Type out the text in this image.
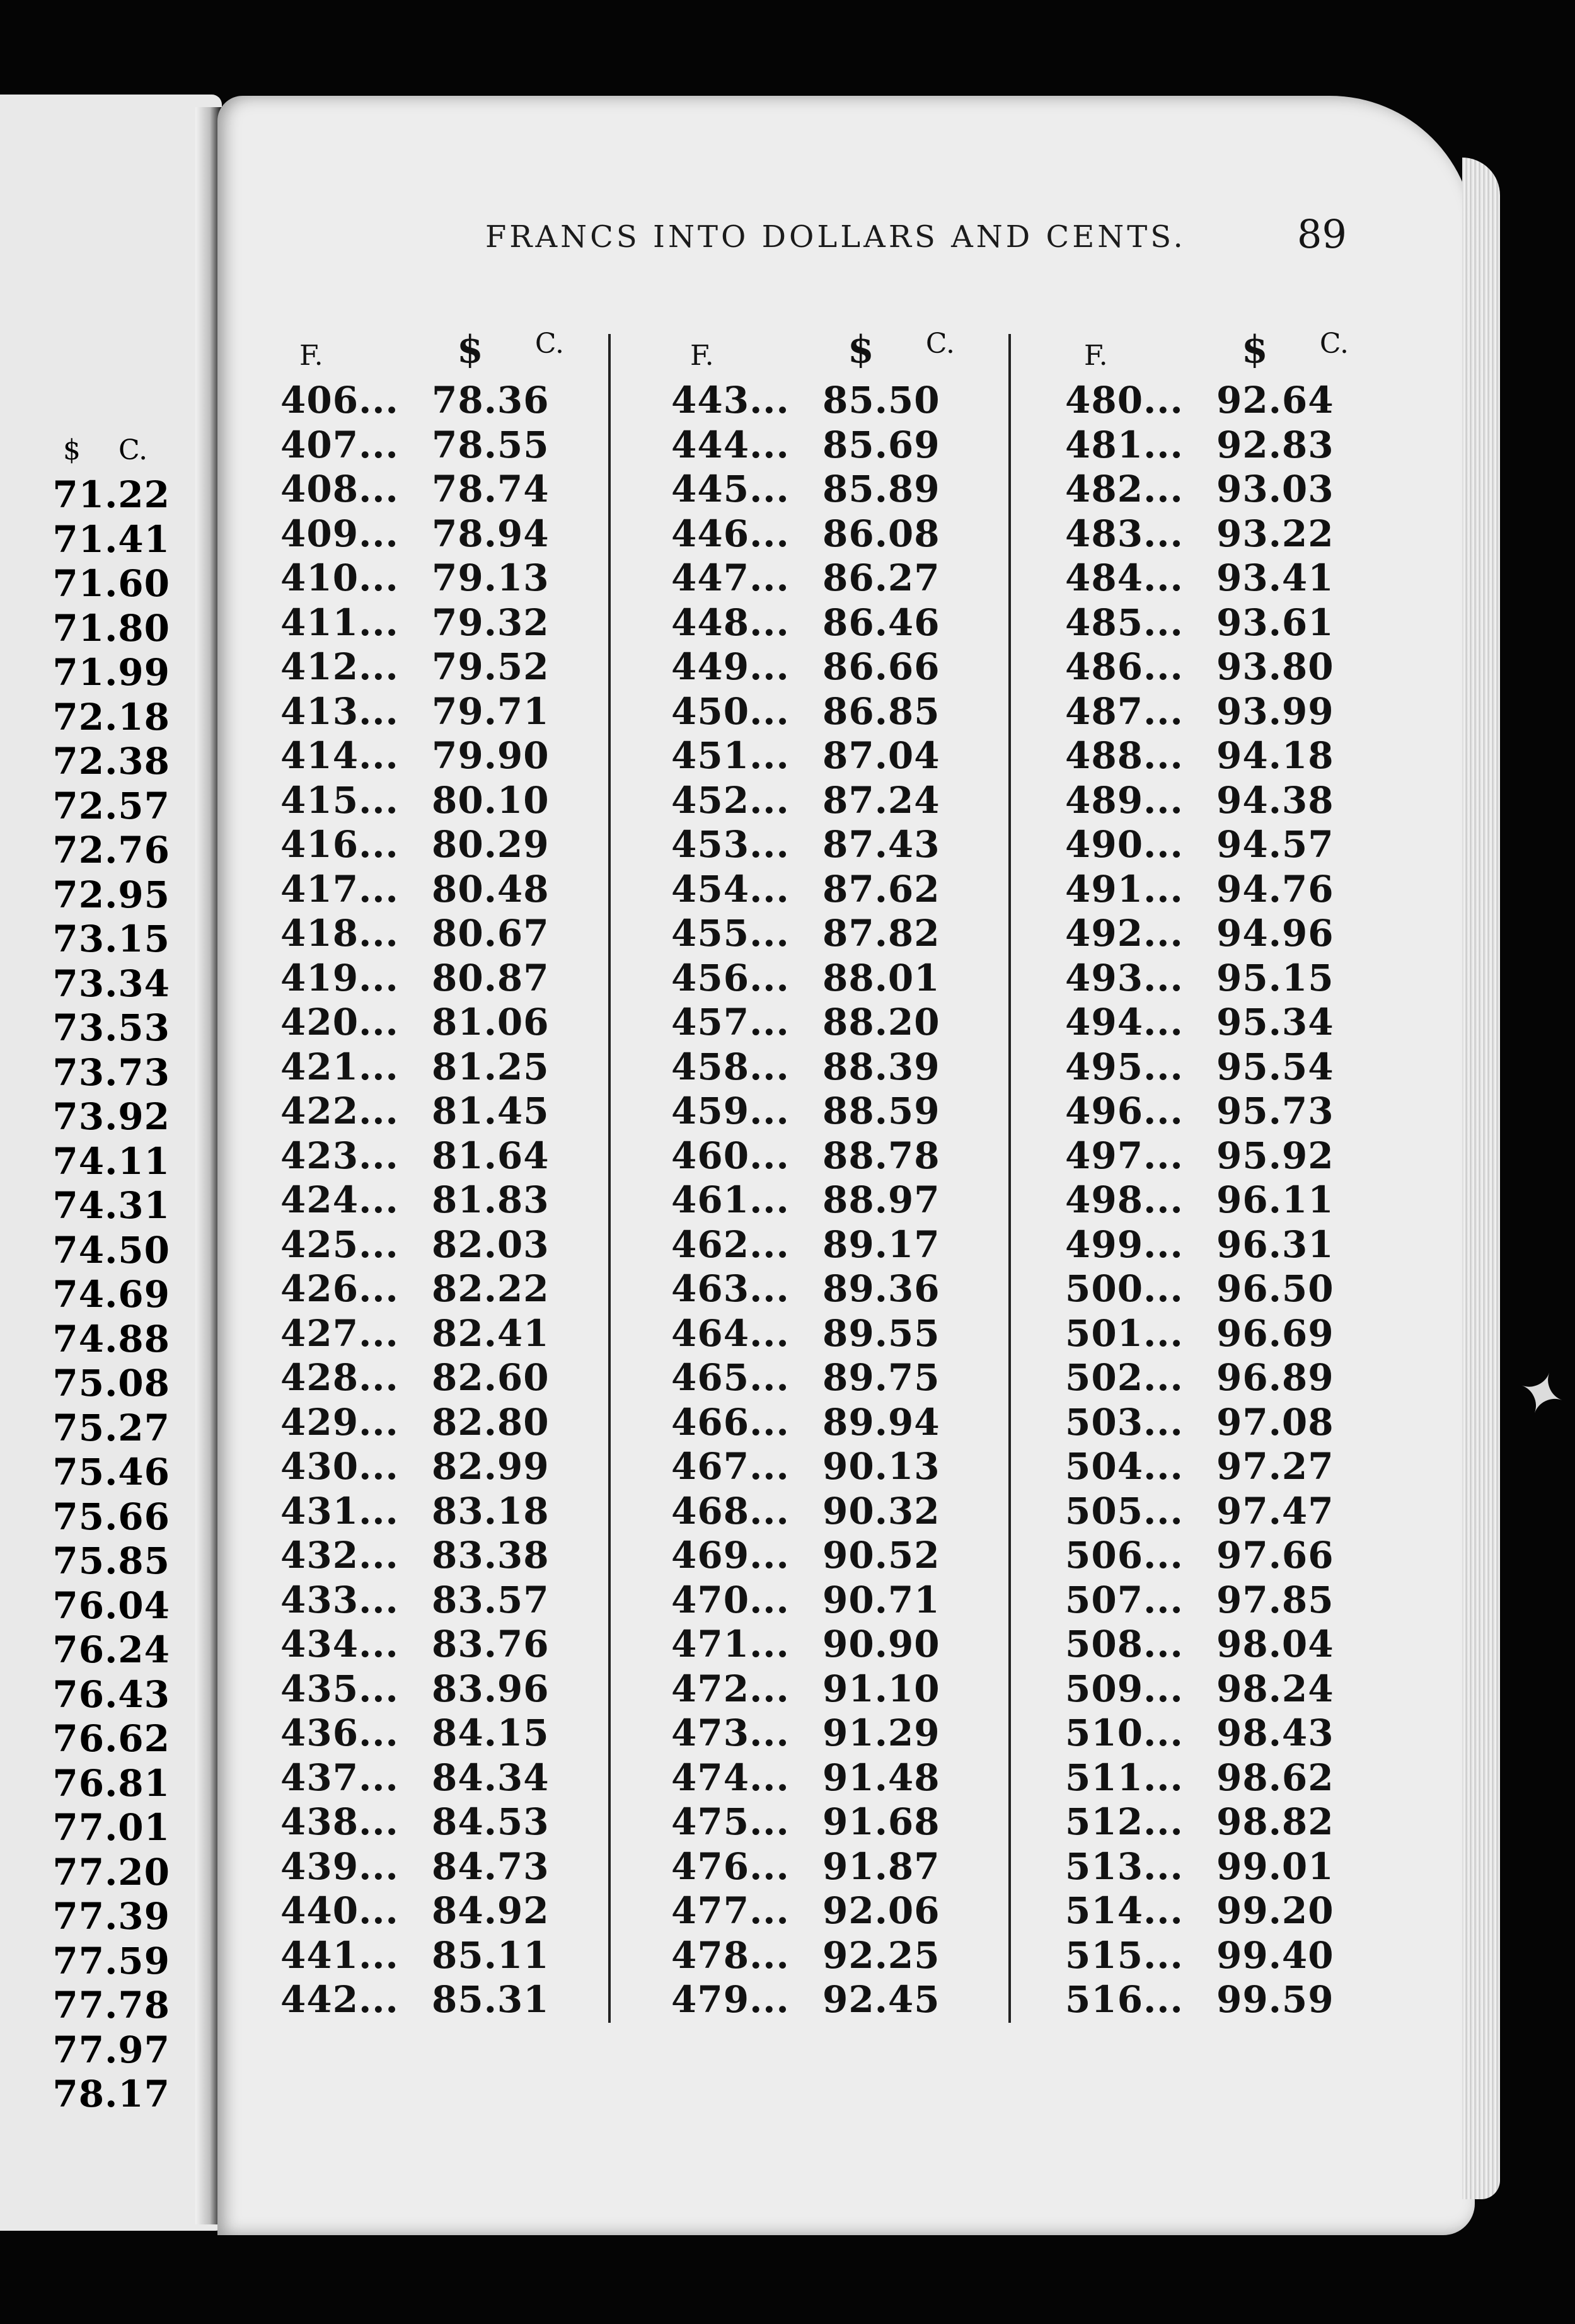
$ C.
71.22
71.41
71.60
71.80
71.99
72.18
72.38
72.57
72.76
72.95
73.15
73.34
73.53
73.73
73.92
74.11
74.31
74.50
74.69
74.88
75.08
75.27
75.46
75.66
75.85
76.04
76.24
76.43
76.62
76.81
77.01
77.20
77.39
77.59
77.78
77.97
78.17
FRANCS INTO DOLLARS AND CENTS.	89
F.	$ C.
406... 78.36
407... 78.55
408... 78.74
409... 78.94
410... 79.13
411... 79.32
412... 79.52
413... 79.71
414... 79.90
415... 80.10
416... 80.29
417... 80.48
418... 80.67
419... 80.87
420... 81.06
421... 81.25
422... 81.45
423... 81.64
424... 81.83
425... 82.03
426... 82.22
427... 82.41
428... 82.60
429... 82.80
430... 82.99
431... 83.18
432... 83.38
433... 83.57
434... 83.76
435... 83.96
436... 84.15
437... 84.34
438... 84.53
439... 84.73
440... 84.92
441... 85.11
442... 85.31
F.	$ C.
443... 85.50
444... 85.69
445... 85.89
446... 86.08
447... 86.27
448... 86.46
449... 86.66
450... 86.85
451... 87.04
452... 87.24
453... 87.43
454... 87.62
455... 87.82
456... 88.01
457... 88.20
458... 88.39
459... 88.59
460... 88.78
461... 88.97
462... 89.17
463... 89.36
464... 89.55
465... 89.75
466... 89.94
467... 90.13
468... 90.32
469... 90.52
470... 90.71
471... 90.90
472... 91.10
473... 91.29
474... 91.48
475... 91.68
476... 91.87
477... 92.06
478... 92.25
479... 92.45
F.	$ C.
480... 92.64
481... 92.83
482... 93.03
483... 93.22
484... 93.41
485... 93.61
486... 93.80
487... 93.99
488... 94.18
489... 94.38
490... 94.57
491... 94.76
492... 94.96
493... 95.15
494... 95.34
495... 95.54
496... 95.73
497... 95.92
498... 96.11
499... 96.31
500... 96.50
501... 96.69
502... 96.89
503... 97.08
504... 97.27
505... 97.47
506... 97.66
507... 97.85
508... 98.04
509... 98.24
510... 98.43
511... 98.62
512... 98.82
513... 99.01
514... 99.20
515... 99.40
516... 99.59
✦
